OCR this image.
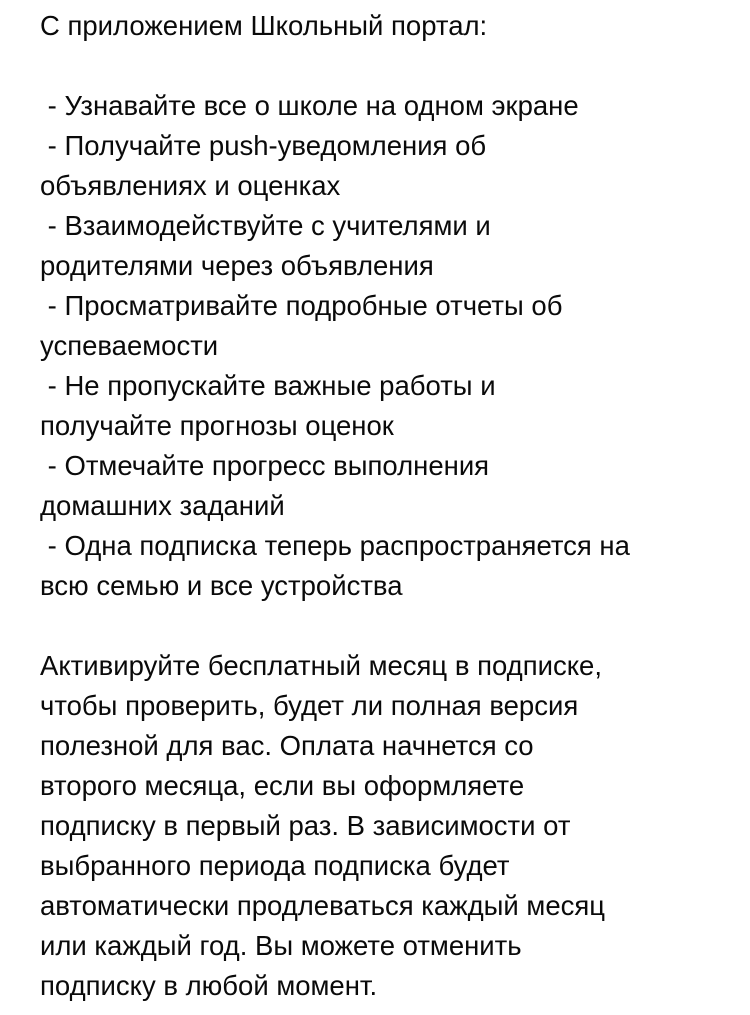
С приложением Школьный портал:
- Узнавайте все о школе на одном экране
- Получайте push-уведомления об
объявлениях и оценках
- Взаимодействуйте с учителями и
родителями через объявления
- Просматривайте подробные отчеты об
успеваемости
- Не пропускайте важные работы и
получайте прогнозы оценок
- Отмечайте прогресс выполнения
домашних заданий
- Одна подписка теперь распространяется на
всю семью и все устройства
Активируйте бесплатный месяц в подписке,
чтобы проверить, будет ли полная версия
полезной для вас. Оплата начнется со
второго месяца, если вы оформляете
подписку в первый раз. В зависимости от
выбранного периода подписка будет
автоматически продлеваться каждый месяц
или каждый год. Вы можете отменить
подписку в любой момент.
